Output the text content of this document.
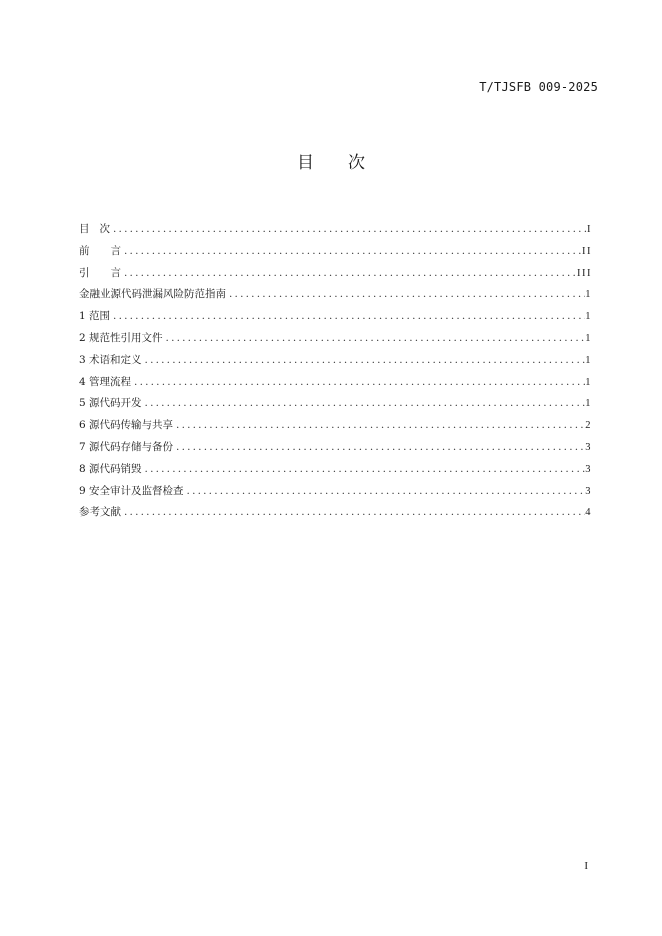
T/TJSFB 009-2025
目 次
目 次 .....	I
前 言 .....	II
引 言 .....	III
金融业源代码泄漏风险防范指南 .....	1
1 范围 .....	1
2 规范性引用文件 .....	1
3 术语和定义 .....	1
4 管理流程 .....	1
5 源代码开发 .....	1
6 源代码传输与共享 .....	2
7 源代码存储与备份 .....	3
8 源代码销毁 .....	3
9 安全审计及监督检查 .....	3
参考文献 .....	4
I
